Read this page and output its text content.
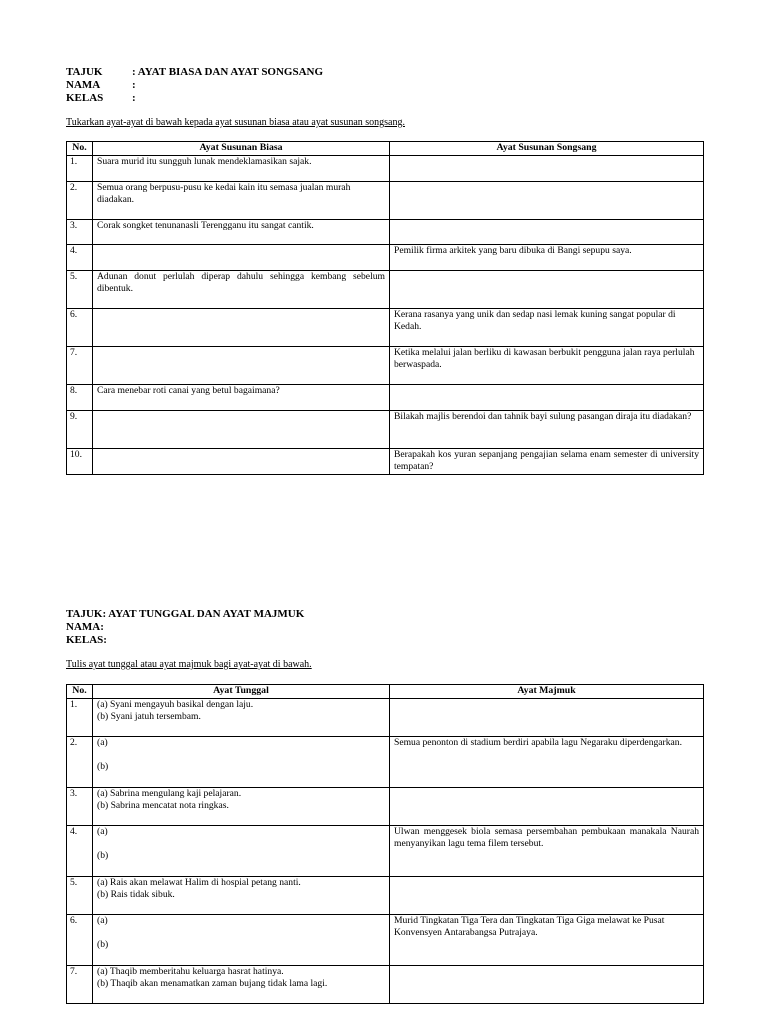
TAJUK	: AYAT BIASA DAN AYAT SONGSANG
NAMA	:
KELAS	:
Tukarkan ayat-ayat di bawah kepada ayat susunan biasa atau ayat susunan songsang.
No.	Ayat Susunan Biasa	Ayat Susunan Songsang
1.	Suara murid itu sungguh lunak mendeklamasikan sajak.	
2.	Semua orang berpusu-pusu ke kedai kain itu semasa jualan murah diadakan.	
3.	Corak songket tenunanasli Terengganu itu sangat cantik.	
4.		Pemilik firma arkitek yang baru dibuka di Bangi sepupu saya.
5.	Adunan donut perlulah diperap dahulu sehingga kembang sebelum dibentuk.	
6.		Kerana rasanya yang unik dan sedap nasi lemak kuning sangat popular di Kedah.
7.		Ketika melalui jalan berliku di kawasan berbukit pengguna jalan raya perlulah berwaspada.
8.	Cara menebar roti canai yang betul bagaimana?	
9.		Bilakah majlis berendoi dan tahnik bayi sulung pasangan diraja itu diadakan?
10.		Berapakah kos yuran sepanjang pengajian selama enam semester di university tempatan?
TAJUK: AYAT TUNGGAL DAN AYAT MAJMUK
NAMA:
KELAS:
Tulis ayat tunggal atau ayat majmuk bagi ayat-ayat di bawah.
No.	Ayat Tunggal	Ayat Majmuk
1.	(a) Syani mengayuh basikal dengan laju.
(b) Syani jatuh tersembam.	

2.	(a)
(b)	Semua penonton di stadium berdiri apabila lagu Negaraku diperdengarkan.
3.	(a) Sabrina mengulang kaji pelajaran.
(b) Sabrina mencatat nota ringkas.	

4.	(a)
(b)	Ulwan menggesek biola semasa persembahan pembukaan manakala Naurah menyanyikan lagu tema filem tersebut.
5.	(a) Rais akan melawat Halim di hospial petang nanti.
(b) Rais tidak sibuk.	

6.	(a)
(b)	Murid Tingkatan Tiga Tera dan Tingkatan Tiga Giga melawat ke Pusat Konvensyen Antarabangsa Putrajaya.
7.	(a) Thaqib memberitahu keluarga hasrat hatinya.
(b) Thaqib akan menamatkan zaman bujang tidak lama lagi.	
